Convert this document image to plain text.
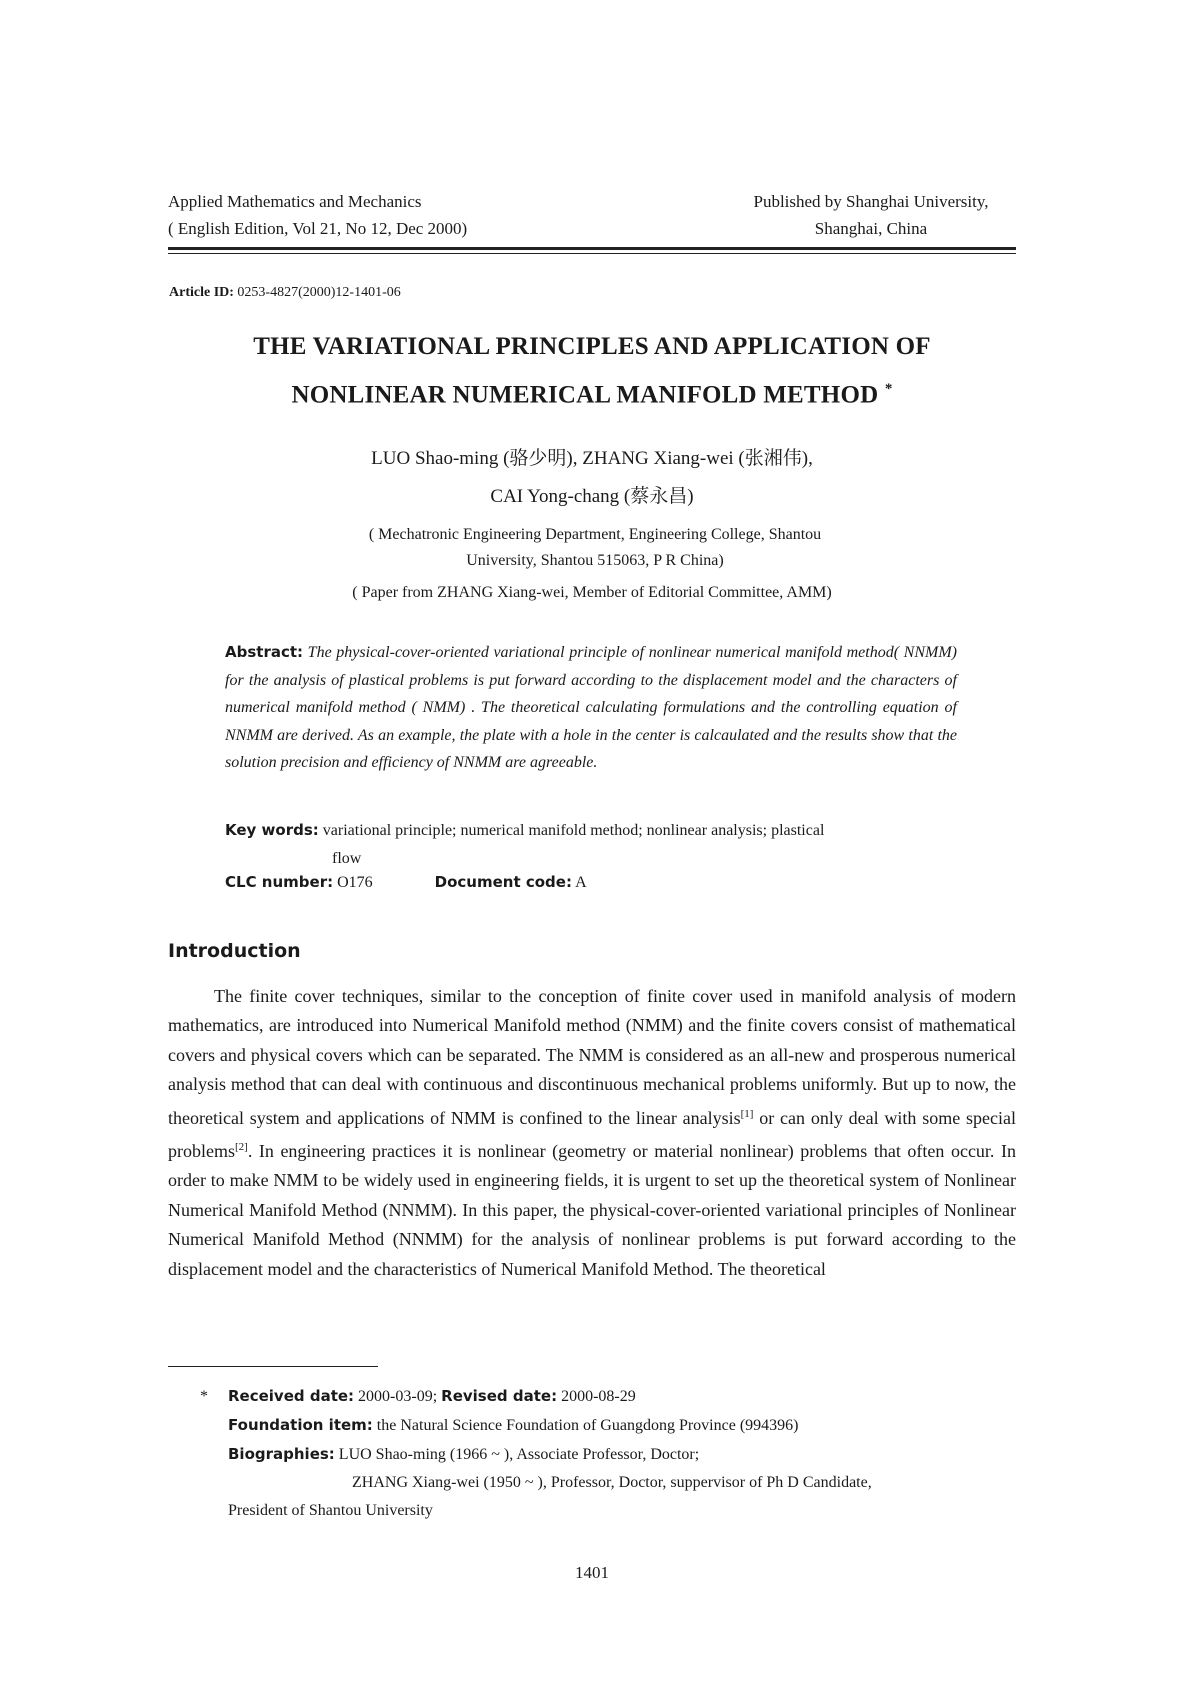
Applied Mathematics and Mechanics
( English Edition, Vol 21, No 12, Dec 2000)
Published by Shanghai University,
Shanghai, China
Article ID: 0253-4827(2000)12-1401-06
THE VARIATIONAL PRINCIPLES AND APPLICATION OF
NONLINEAR NUMERICAL MANIFOLD METHOD *
LUO Shao-ming (骆少明), ZHANG Xiang-wei (张湘伟),
CAI Yong-chang (蔡永昌)
( Mechatronic Engineering Department, Engineering College, Shantou
University, Shantou 515063, P R China)
( Paper from ZHANG Xiang-wei, Member of Editorial Committee, AMM)
Abstract: The physical-cover-oriented variational principle of nonlinear numerical manifold method( NNMM) for the analysis of plastical problems is put forward according to the displacement model and the characters of numerical manifold method ( NMM) . The theoretical calculating formulations and the controlling equation of NNMM are derived. As an example, the plate with a hole in the center is calcaulated and the results show that the solution precision and efficiency of NNMM are agreeable.
Key words: variational principle; numerical manifold method; nonlinear analysis; plastical
flow
CLC number: O176	Document code: A
Introduction

The finite cover techniques, similar to the conception of finite cover used in manifold analysis of modern mathematics, are introduced into Numerical Manifold method (NMM) and the finite covers consist of mathematical covers and physical covers which can be separated. The NMM is considered as an all-new and prosperous numerical analysis method that can deal with continuous and discontinuous mechanical problems uniformly. But up to now, the theoretical system and applications of NMM is confined to the linear analysis[1] or can only deal with some special problems[2]. In engineering practices it is nonlinear (geometry or material nonlinear) problems that often occur. In order to make NMM to be widely used in engineering fields, it is urgent to set up the theoretical system of Nonlinear Numerical Manifold Method (NNMM). In this paper, the physical-cover-oriented variational principles of Nonlinear Numerical Manifold Method (NNMM) for the analysis of nonlinear problems is put forward according to the displacement model and the characteristics of Numerical Manifold Method. The theoretical

* Received date: 2000-03-09; Revised date: 2000-08-29
Foundation item: the Natural Science Foundation of Guangdong Province (994396)
Biographies: LUO Shao-ming (1966 ~ ), Associate Professor, Doctor;
ZHANG Xiang-wei (1950 ~ ), Professor, Doctor, suppervisor of Ph D Candidate,
President of Shantou University
1401
